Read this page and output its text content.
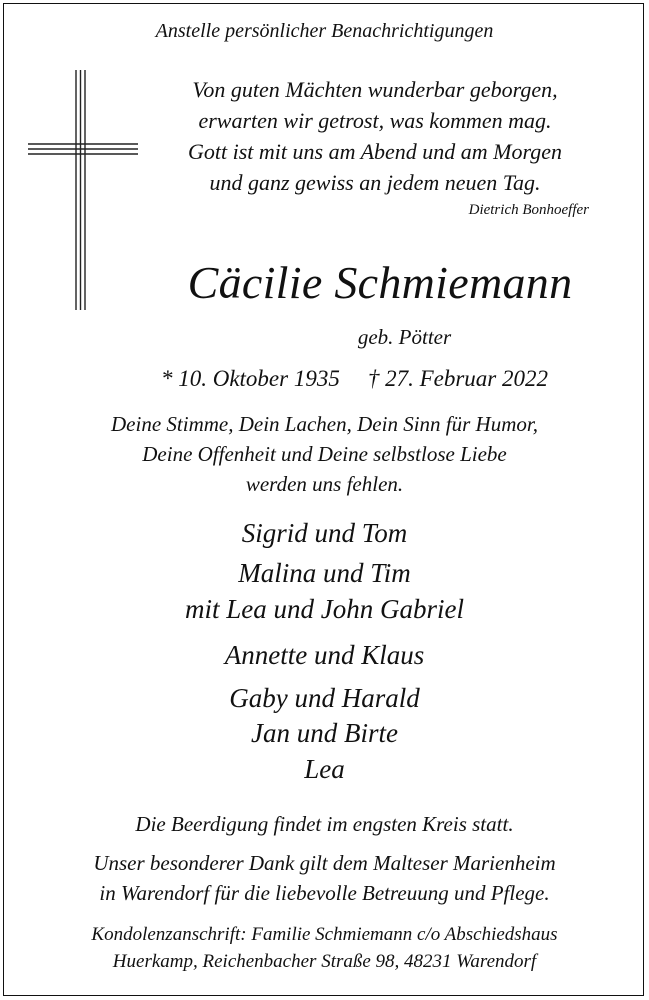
Anstelle persönlicher Benachrichtigungen
Von guten Mächten wunderbar geborgen,
erwarten wir getrost, was kommen mag.
Gott ist mit uns am Abend und am Morgen
und ganz gewiss an jedem neuen Tag.
Dietrich Bonhoeffer
Cäcilie Schmiemann
geb. Pötter
* 10. Oktober 1935 † 27. Februar 2022
Deine Stimme, Dein Lachen, Dein Sinn für Humor,
Deine Offenheit und Deine selbstlose Liebe
werden uns fehlen.
Sigrid und Tom
Malina und Tim
mit Lea und John Gabriel
Annette und Klaus
Gaby und Harald
Jan und Birte
Lea
Die Beerdigung findet im engsten Kreis statt.
Unser besonderer Dank gilt dem Malteser Marienheim
in Warendorf für die liebevolle Betreuung und Pflege.
Kondolenzanschrift: Familie Schmiemann c/o Abschiedshaus
Huerkamp, Reichenbacher Straße 98, 48231 Warendorf
